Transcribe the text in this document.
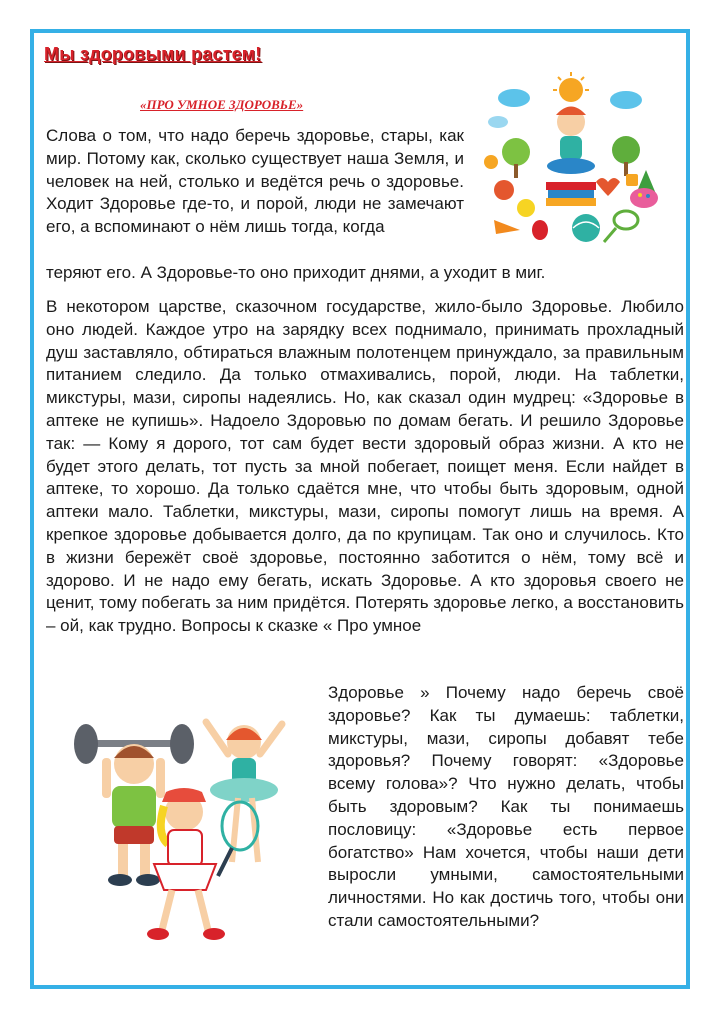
Мы здоровыми растем!
«ПРО УМНОЕ ЗДОРОВЬЕ»

Слова о том, что надо беречь здоровье, стары, как мир. Потому как, сколько существует наша Земля, и человек на ней, столько и ведётся речь о здоровье. Ходит Здоровье где-то, и порой, люди не замечают его, а вспоминают о нём лишь тогда, когда

теряют его. А Здоровье-то оно приходит днями, а уходит в миг.

В некотором царстве, сказочном государстве, жило-было Здоровье. Любило оно людей. Каждое утро на зарядку всех поднимало, принимать прохладный душ заставляло, обтираться влажным полотенцем принуждало, за правильным питанием следило. Да только отмахивались, порой, люди. На таблетки, микстуры, мази, сиропы надеялись. Но, как сказал один мудрец: «Здоровье в аптеке не купишь». Надоело Здоровью по домам бегать. И решило Здоровье так: — Кому я дорого, тот сам будет вести здоровый образ жизни. А кто не будет этого делать, тот пусть за мной побегает, поищет меня. Если найдет в аптеке, то хорошо. Да только сдаётся мне, что чтобы быть здоровым, одной аптеки мало. Таблетки, микстуры, мази, сиропы помогут лишь на время. А крепкое здоровье добывается долго, да по крупицам. Так оно и случилось. Кто в жизни бережёт своё здоровье, постоянно заботится о нём, тому всё и здорово. И не надо ему бегать, искать Здоровье. А кто здоровья своего не ценит, тому побегать за ним придётся. Потерять здоровье легко, а восстановить – ой, как трудно. Вопросы к сказке « Про умное

Здоровье » Почему надо беречь своё здоровье? Как ты думаешь: таблетки, микстуры, мази, сиропы добавят тебе здоровья? Почему говорят: «Здоровье всему голова»? Что нужно делать, чтобы быть здоровым? Как ты понимаешь пословицу: «Здоровье есть первое богатство» Нам хочется, чтобы наши дети выросли умными, самостоятельными личностями. Но как достичь того, чтобы они стали самостоятельными?
